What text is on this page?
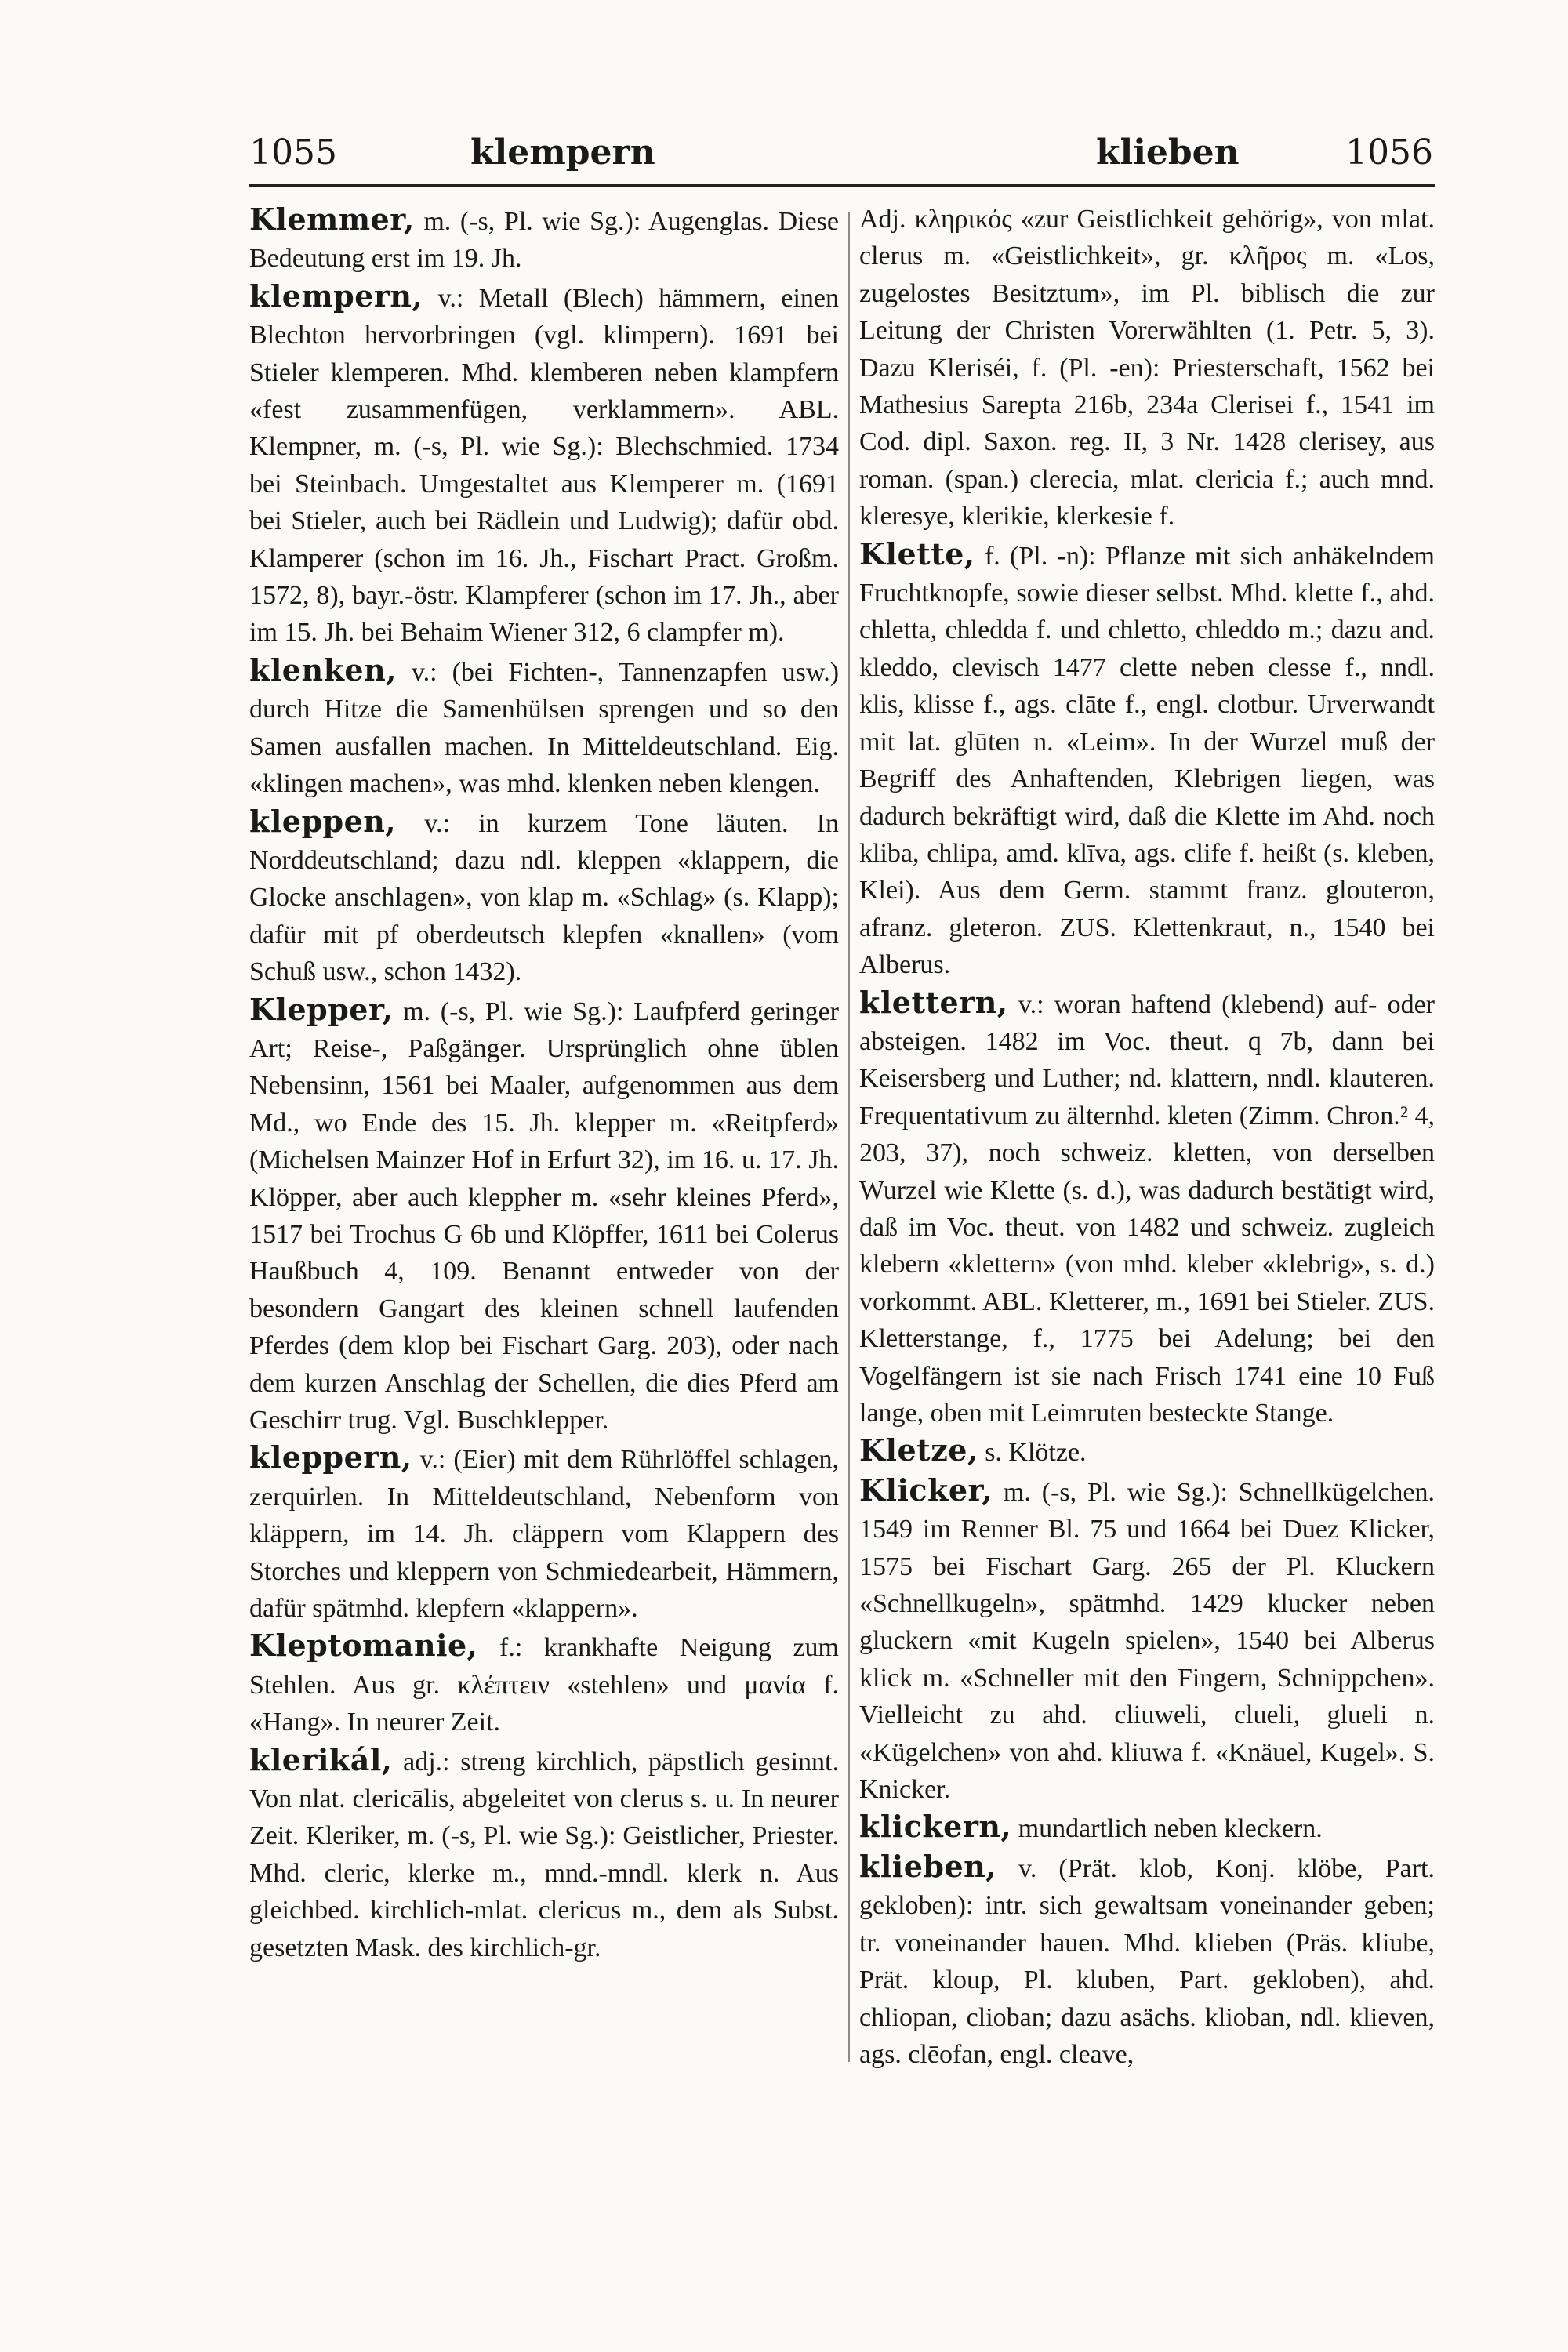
1055	klempern	klieben	1056

Klemmer, m. (-s, Pl. wie Sg.): Augenglas. Diese Bedeutung erst im 19. Jh.

klempern, v.: Metall (Blech) hämmern, einen Blechton hervorbringen (vgl. klimpern). 1691 bei Stieler klemperen. Mhd. klemberen neben klampfern «fest zusammenfügen, verklammern». ABL. Klempner, m. (-s, Pl. wie Sg.): Blechschmied. 1734 bei Steinbach. Umgestaltet aus Klemperer m. (1691 bei Stieler, auch bei Rädlein und Ludwig); dafür obd. Klamperer (schon im 16. Jh., Fischart Pract. Großm. 1572, 8), bayr.-östr. Klampferer (schon im 17. Jh., aber im 15. Jh. bei Behaim Wiener 312, 6 clampfer m).

klenken, v.: (bei Fichten-, Tannenzapfen usw.) durch Hitze die Samenhülsen sprengen und so den Samen ausfallen machen. In Mitteldeutschland. Eig. «klingen machen», was mhd. klenken neben klengen.

kleppen, v.: in kurzem Tone läuten. In Norddeutschland; dazu ndl. kleppen «klappern, die Glocke anschlagen», von klap m. «Schlag» (s. Klapp); dafür mit pf oberdeutsch klepfen «knallen» (vom Schuß usw., schon 1432).

Klepper, m. (-s, Pl. wie Sg.): Laufpferd geringer Art; Reise-, Paßgänger. Ursprünglich ohne üblen Nebensinn, 1561 bei Maaler, aufgenommen aus dem Md., wo Ende des 15. Jh. klepper m. «Reitpferd» (Michelsen Mainzer Hof in Erfurt 32), im 16. u. 17. Jh. Klöpper, aber auch kleppher m. «sehr kleines Pferd», 1517 bei Trochus G 6b und Klöpffer, 1611 bei Colerus Haußbuch 4, 109. Benannt entweder von der besondern Gangart des kleinen schnell laufenden Pferdes (dem klop bei Fischart Garg. 203), oder nach dem kurzen Anschlag der Schellen, die dies Pferd am Geschirr trug. Vgl. Buschklepper.

kleppern, v.: (Eier) mit dem Rührlöffel schlagen, zerquirlen. In Mitteldeutschland, Nebenform von kläppern, im 14. Jh. cläppern vom Klappern des Storches und kleppern von Schmiedearbeit, Hämmern, dafür spätmhd. klepfern «klappern».

Kleptomanie, f.: krankhafte Neigung zum Stehlen. Aus gr. κλέπτειν «stehlen» und μανία f. «Hang». In neurer Zeit.

klerikál, adj.: streng kirchlich, päpstlich gesinnt. Von nlat. clericālis, abgeleitet von clerus s. u. In neurer Zeit. Kleriker, m. (-s, Pl. wie Sg.): Geistlicher, Priester. Mhd. cleric, klerke m., mnd.-mndl. klerk n. Aus gleichbed. kirchlich-mlat. clericus m., dem als Subst. gesetzten Mask. des kirchlich-gr.

Adj. κληρικός «zur Geistlichkeit gehörig», von mlat. clerus m. «Geistlichkeit», gr. κλῆρος m. «Los, zugelostes Besitztum», im Pl. biblisch die zur Leitung der Christen Vorerwählten (1. Petr. 5, 3). Dazu Kleriséi, f. (Pl. -en): Priesterschaft, 1562 bei Mathesius Sarepta 216b, 234a Clerisei f., 1541 im Cod. dipl. Saxon. reg. II, 3 Nr. 1428 clerisey, aus roman. (span.) clerecia, mlat. clericia f.; auch mnd. kleresye, klerikie, klerkesie f.

Klette, f. (Pl. -n): Pflanze mit sich anhäkelndem Fruchtknopfe, sowie dieser selbst. Mhd. klette f., ahd. chletta, chledda f. und chletto, chleddo m.; dazu and. kleddo, clevisch 1477 clette neben clesse f., nndl. klis, klisse f., ags. clāte f., engl. clotbur. Urverwandt mit lat. glūten n. «Leim». In der Wurzel muß der Begriff des Anhaftenden, Klebrigen liegen, was dadurch bekräftigt wird, daß die Klette im Ahd. noch kliba, chlipa, amd. klīva, ags. clife f. heißt (s. kleben, Klei). Aus dem Germ. stammt franz. glouteron, afranz. gleteron. ZUS. Klettenkraut, n., 1540 bei Alberus.

klettern, v.: woran haftend (klebend) auf- oder absteigen. 1482 im Voc. theut. q 7b, dann bei Keisersberg und Luther; nd. klattern, nndl. klauteren. Frequentativum zu älternhd. kleten (Zimm. Chron.² 4, 203, 37), noch schweiz. kletten, von derselben Wurzel wie Klette (s. d.), was dadurch bestätigt wird, daß im Voc. theut. von 1482 und schweiz. zugleich klebern «klettern» (von mhd. kleber «klebrig», s. d.) vorkommt. ABL. Kletterer, m., 1691 bei Stieler. ZUS. Kletterstange, f., 1775 bei Adelung; bei den Vogelfängern ist sie nach Frisch 1741 eine 10 Fuß lange, oben mit Leimruten besteckte Stange.

Kletze, s. Klötze.

Klicker, m. (-s, Pl. wie Sg.): Schnellkügelchen. 1549 im Renner Bl. 75 und 1664 bei Duez Klicker, 1575 bei Fischart Garg. 265 der Pl. Kluckern «Schnellkugeln», spätmhd. 1429 klucker neben gluckern «mit Kugeln spielen», 1540 bei Alberus klick m. «Schneller mit den Fingern, Schnippchen». Vielleicht zu ahd. cliuweli, clueli, glueli n. «Kügelchen» von ahd. kliuwa f. «Knäuel, Kugel». S. Knicker.

klickern, mundartlich neben kleckern.

klieben, v. (Prät. klob, Konj. klöbe, Part. gekloben): intr. sich gewaltsam voneinander geben; tr. voneinander hauen. Mhd. klieben (Präs. kliube, Prät. kloup, Pl. kluben, Part. gekloben), ahd. chliopan, clioban; dazu asächs. klioban, ndl. klieven, ags. clēofan, engl. cleave,
